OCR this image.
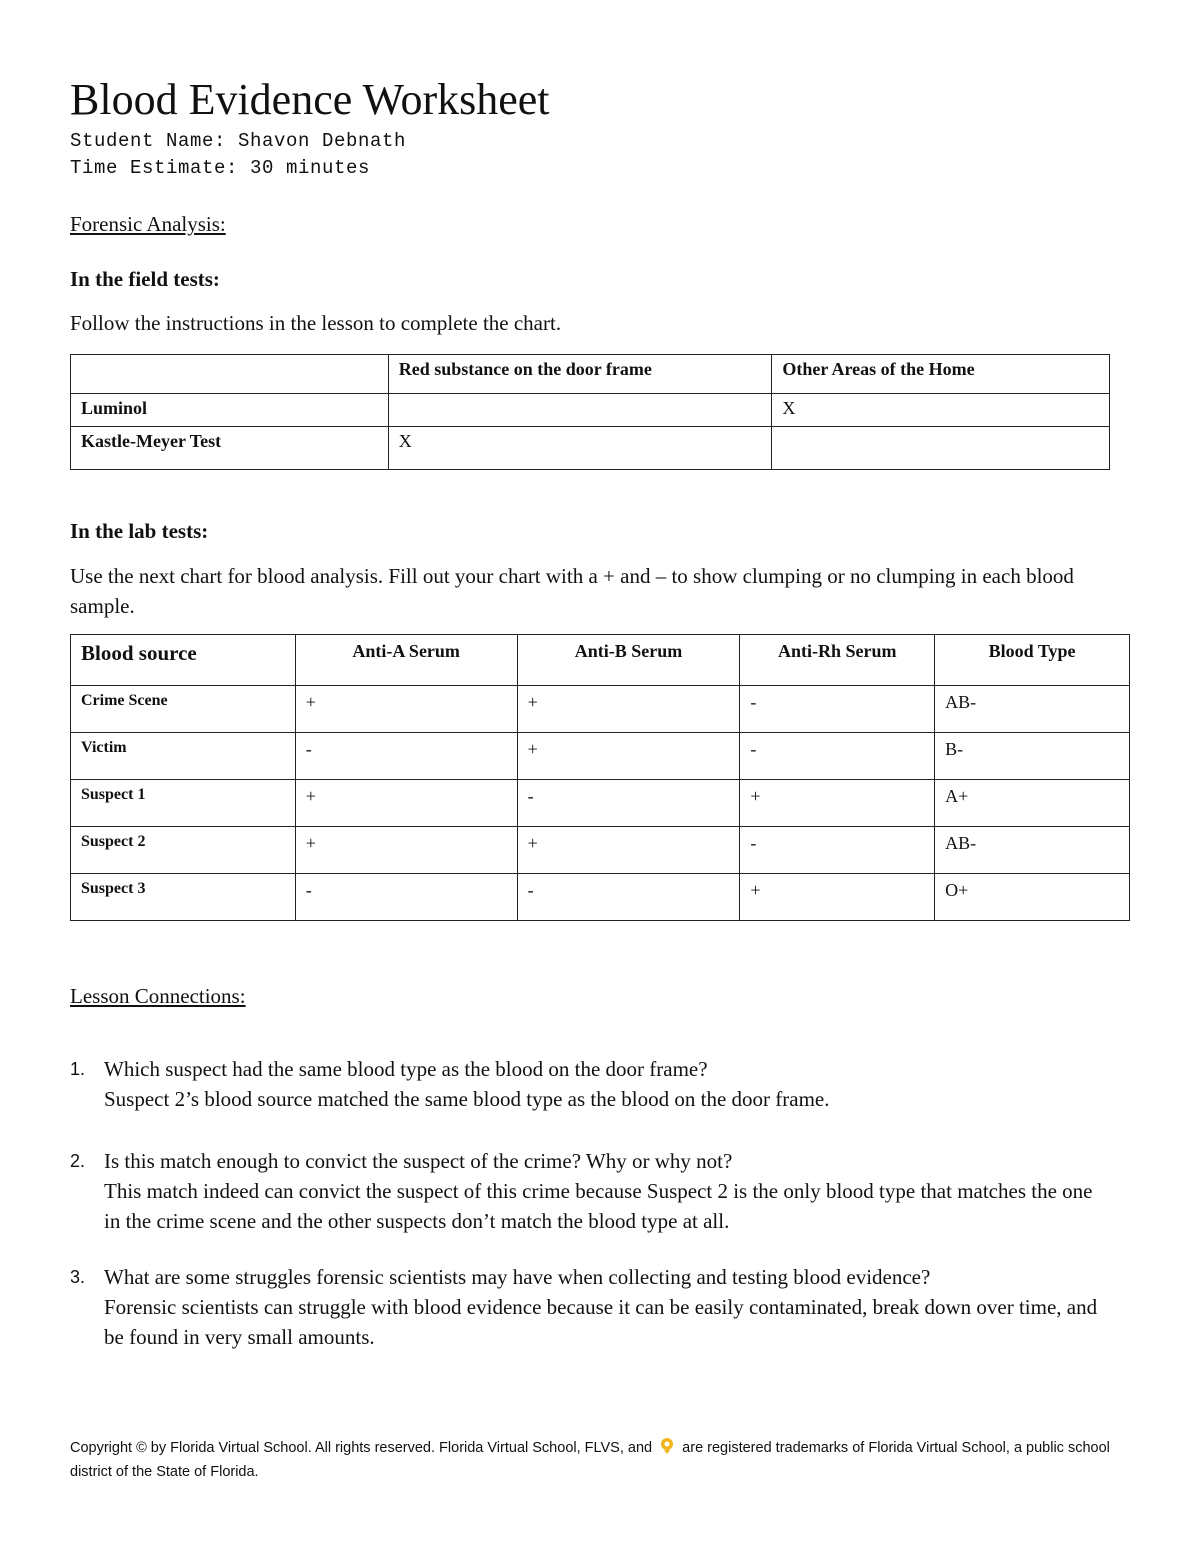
Blood Evidence Worksheet
Student Name: Shavon Debnath
Time Estimate: 30 minutes
Forensic Analysis:
In the field tests:
Follow the instructions in the lesson to complete the chart.
	Red substance on the door frame	Other Areas of the Home
Luminol		X
Kastle-Meyer Test	X	
In the lab tests:
Use the next chart for blood analysis. Fill out your chart with a + and – to show clumping or no clumping in each blood sample.
Blood source	Anti-A Serum	Anti-B Serum	Anti-Rh Serum	Blood Type
Crime Scene	+	+	-	AB-
Victim	-	+	-	B-
Suspect 1	+	-	+	A+
Suspect 2	+	+	-	AB-
Suspect 3	-	-	+	O+
Lesson Connections:
1. Which suspect had the same blood type as the blood on the door frame?
Suspect 2’s blood source matched the same blood type as the blood on the door frame.
2. Is this match enough to convict the suspect of the crime? Why or why not?
This match indeed can convict the suspect of this crime because Suspect 2 is the only blood type that matches the one in the crime scene and the other suspects don’t match the blood type at all.
3. What are some struggles forensic scientists may have when collecting and testing blood evidence?
Forensic scientists can struggle with blood evidence because it can be easily contaminated, break down over time, and be found in very small amounts.
Copyright © by Florida Virtual School. All rights reserved. Florida Virtual School, FLVS, and are registered trademarks of Florida Virtual School, a public school district of the State of Florida.
